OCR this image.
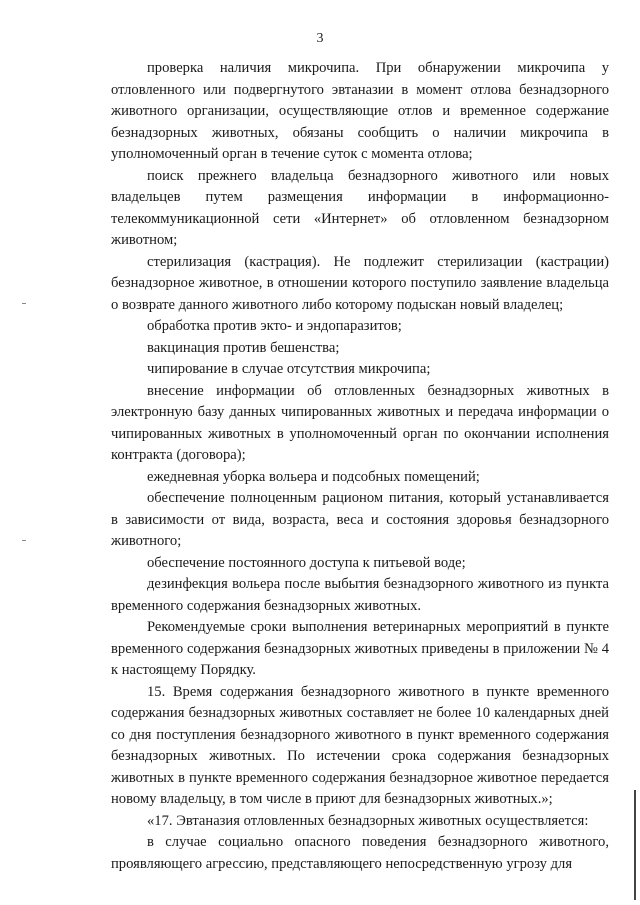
3

проверка наличия микрочипа. При обнаружении микрочипа у отловленного или подвергнутого эвтаназии в момент отлова безнадзорного животного организации, осуществляющие отлов и временное содержание безнадзорных животных, обязаны сообщить о наличии микрочипа в уполномоченный орган в течение суток с момента отлова;

поиск прежнего владельца безнадзорного животного или новых владельцев путем размещения информации в информационно-телекоммуникационной сети «Интернет» об отловленном безнадзорном животном;

стерилизация (кастрация). Не подлежит стерилизации (кастрации) безнадзорное животное, в отношении которого поступило заявление владельца о возврате данного животного либо которому подыскан новый владелец;

обработка против экто- и эндопаразитов;

вакцинация против бешенства;

чипирование в случае отсутствия микрочипа;

внесение информации об отловленных безнадзорных животных в электронную базу данных чипированных животных и передача информации о чипированных животных в уполномоченный орган по окончании исполнения контракта (договора);

ежедневная уборка вольера и подсобных помещений;

обеспечение полноценным рационом питания, который устанавливается в зависимости от вида, возраста, веса и состояния здоровья безнадзорного животного;

обеспечение постоянного доступа к питьевой воде;

дезинфекция вольера после выбытия безнадзорного животного из пункта временного содержания безнадзорных животных.

Рекомендуемые сроки выполнения ветеринарных мероприятий в пункте временного содержания безнадзорных животных приведены в приложении № 4 к настоящему Порядку.

15. Время содержания безнадзорного животного в пункте временного содержания безнадзорных животных составляет не более 10 календарных дней со дня поступления безнадзорного животного в пункт временного содержания безнадзорных животных. По истечении срока содержания безнадзорных животных в пункте временного содержания безнадзорное животное передается новому владельцу, в том числе в приют для безнадзорных животных.»;

«17. Эвтаназия отловленных безнадзорных животных осуществляется:

в случае социально опасного поведения безнадзорного животного, проявляющего агрессию, представляющего непосредственную угрозу для
